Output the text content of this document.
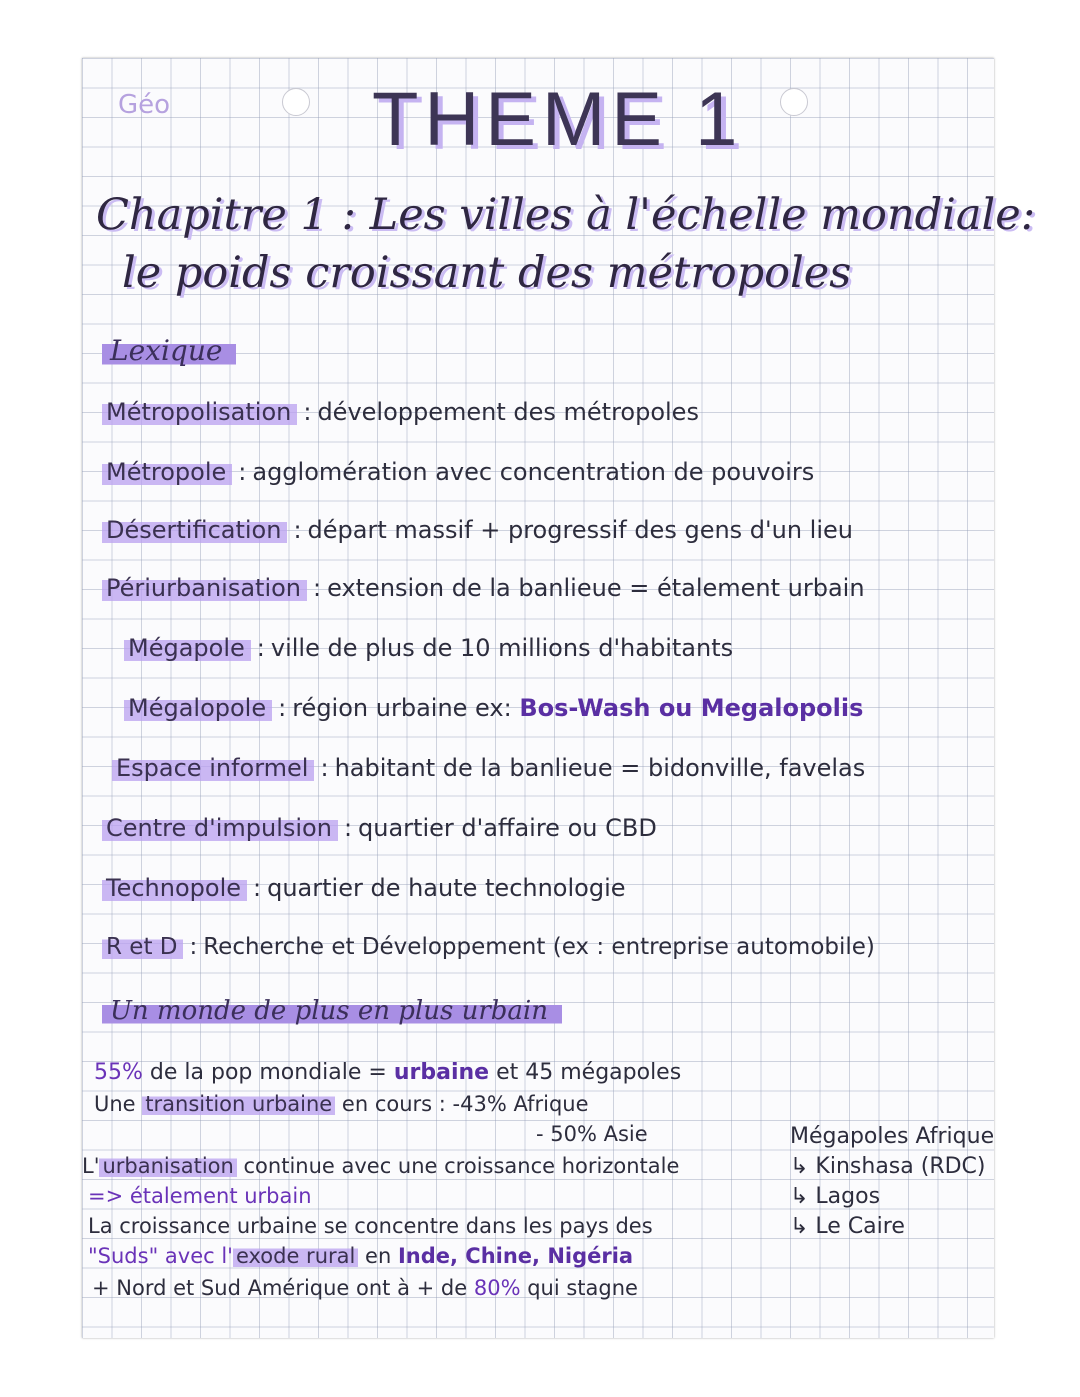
Géo	THEME 1
Chapitre 1 : Les villes à l'échelle mondiale:
le poids croissant des métropoles
Lexique
Métropolisation : développement des métropoles
Métropole : agglomération avec concentration de pouvoirs
Désertification : départ massif + progressif des gens d'un lieu
Périurbanisation : extension de la banlieue = étalement urbain
Mégapole : ville de plus de 10 millions d'habitants
Mégalopole : région urbaine ex: Bos-Wash ou Megalopolis
Espace informel : habitant de la banlieue = bidonville, favelas
Centre d'impulsion : quartier d'affaire ou CBD
Technopole : quartier de haute technologie
R et D : Recherche et Développement (ex : entreprise automobile)
Un monde de plus en plus urbain
55% de la pop mondiale = urbaine et 45 mégapoles
Une transition urbaine en cours : -43% Afrique
- 50% Asie
L' urbanisation continue avec une croissance horizontale
=> étalement urbain
La croissance urbaine se concentre dans les pays des
"Suds" avec l' exode rural en Inde, Chine, Nigéria
+ Nord et Sud Amérique ont à + de 80% qui stagne
Mégapoles Afrique
↳ Kinshasa (RDC)
↳ Lagos
↳ Le Caire
